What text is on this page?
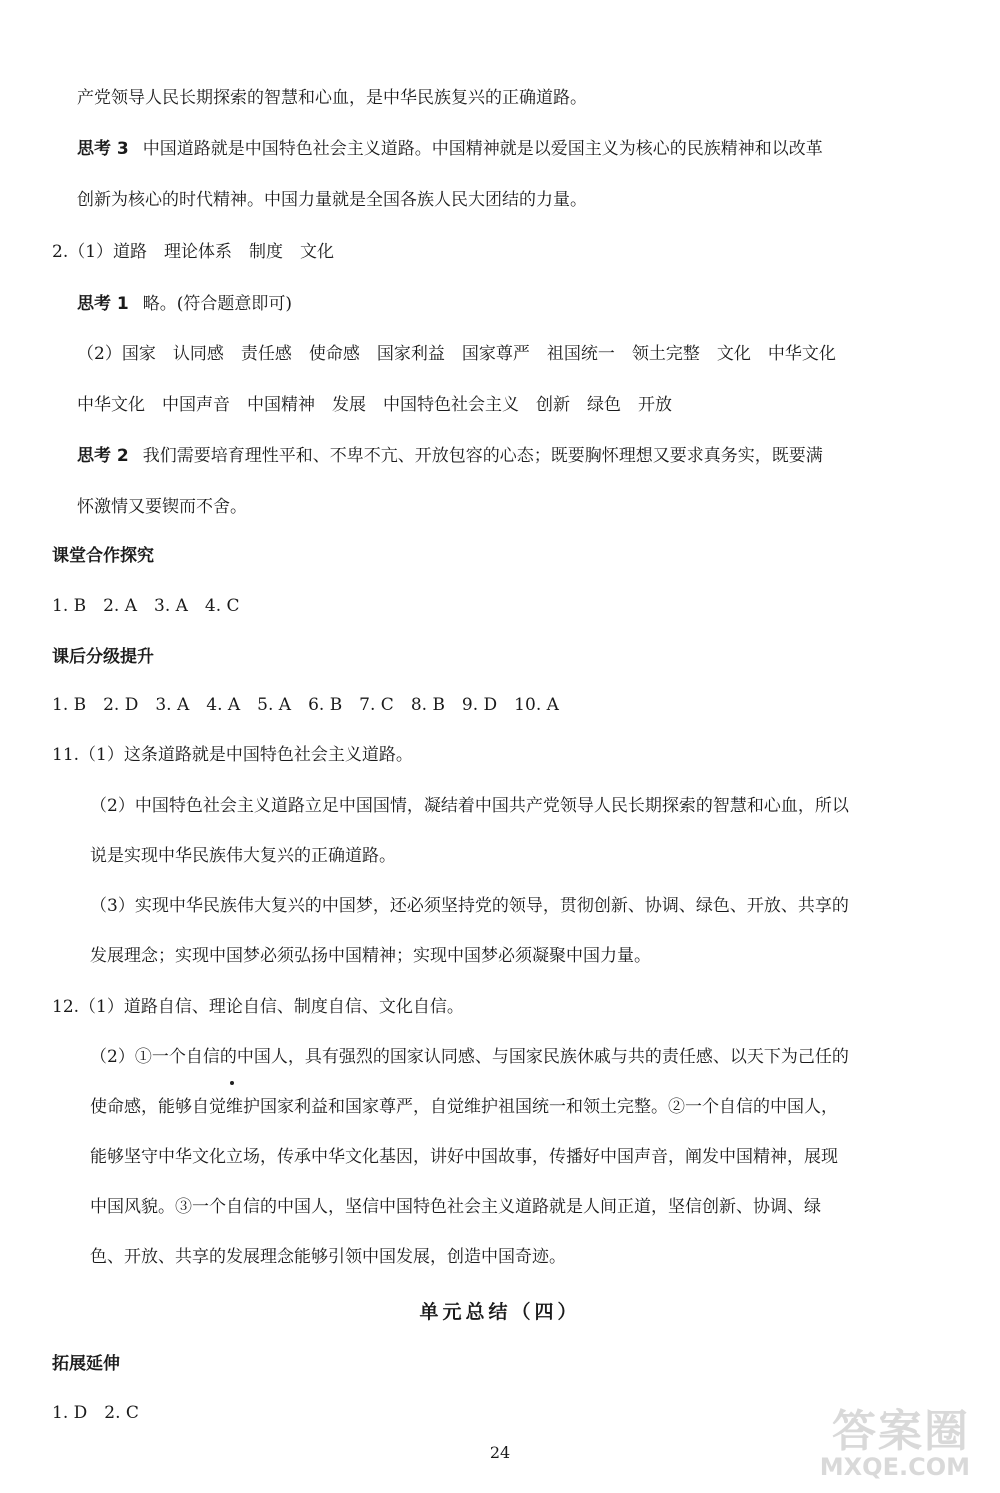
产党领导人民长期探索的智慧和心血，是中华民族复兴的正确道路。
思考 3 中国道路就是中国特色社会主义道路。中国精神就是以爱国主义为核心的民族精神和以改革
创新为核心的时代精神。中国力量就是全国各族人民大团结的力量。
2.（1）道路　理论体系　制度　文化
思考 1 略。(符合题意即可)
（2）国家　认同感　责任感　使命感　国家利益　国家尊严　祖国统一　领土完整　文化　中华文化
中华文化　中国声音　中国精神　发展　中国特色社会主义　创新　绿色　开放
思考 2 我们需要培育理性平和、不卑不亢、开放包容的心态；既要胸怀理想又要求真务实，既要满
怀激情又要锲而不舍。
课堂合作探究
1. B　2. A　3. A　4. C
课后分级提升
1. B　2. D　3. A　4. A　5. A　6. B　7. C　8. B　9. D　10. A
11.（1）这条道路就是中国特色社会主义道路。
（2）中国特色社会主义道路立足中国国情，凝结着中国共产党领导人民长期探索的智慧和心血，所以
说是实现中华民族伟大复兴的正确道路。
（3）实现中华民族伟大复兴的中国梦，还必须坚持党的领导，贯彻创新、协调、绿色、开放、共享的
发展理念；实现中国梦必须弘扬中国精神；实现中国梦必须凝聚中国力量。
12.（1）道路自信、理论自信、制度自信、文化自信。
（2）①一个自信的中国人，具有强烈的国家认同感、与国家民族休戚与共的责任感、以天下为己任的
使命感，能够自觉维护国家利益和国家尊严，自觉维护祖国统一和领土完整。②一个自信的中国人，
能够坚守中华文化立场，传承中华文化基因，讲好中国故事，传播好中国声音，阐发中国精神，展现
中国风貌。③一个自信的中国人，坚信中国特色社会主义道路就是人间正道，坚信创新、协调、绿
色、开放、共享的发展理念能够引领中国发展，创造中国奇迹。
单元总结（四）
拓展延伸
1. D　2. C
24	答案圈
MXQE.COM
